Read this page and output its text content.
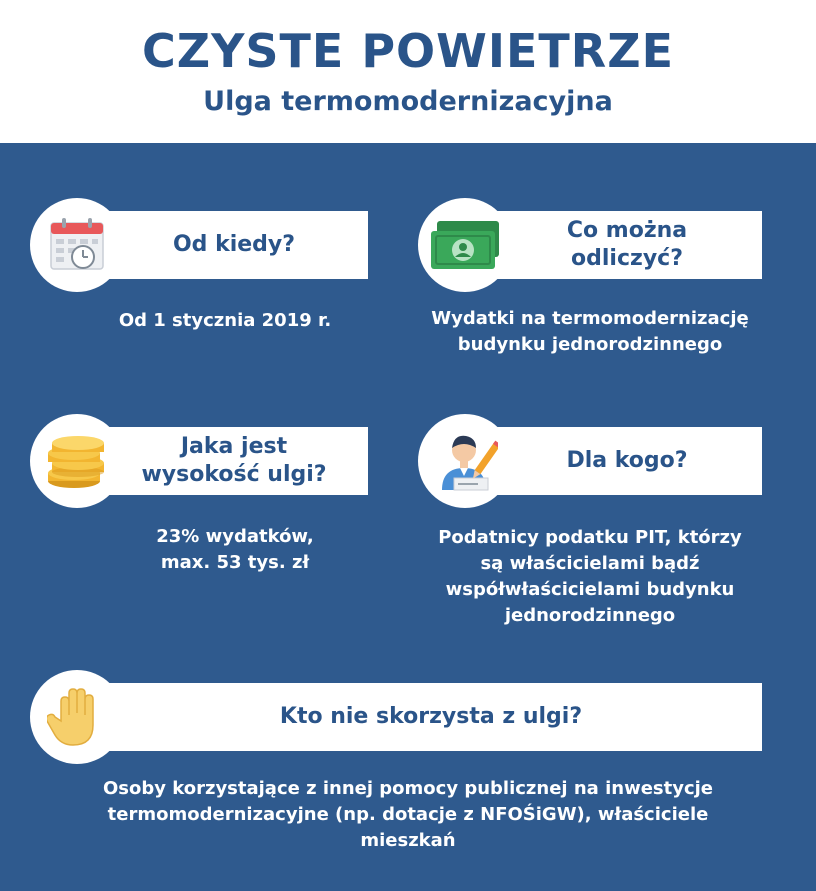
CZYSTE POWIETRZE
Ulga termomodernizacyjna
Od kiedy?
Od 1 stycznia 2019 r.
Co można
odliczyć?
Wydatki na termomodernizację
budynku jednorodzinnego
Jaka jest
wysokość ulgi?
23% wydatków,
max. 53 tys. zł
Dla kogo?
Podatnicy podatku PIT, którzy
są właścicielami bądź
współwłaścicielami budynku
jednorodzinnego
Kto nie skorzysta z ulgi?
Osoby korzystające z innej pomocy publicznej na inwestycje
termomodernizacyjne (np. dotacje z NFOŚiGW), właściciele
mieszkań
